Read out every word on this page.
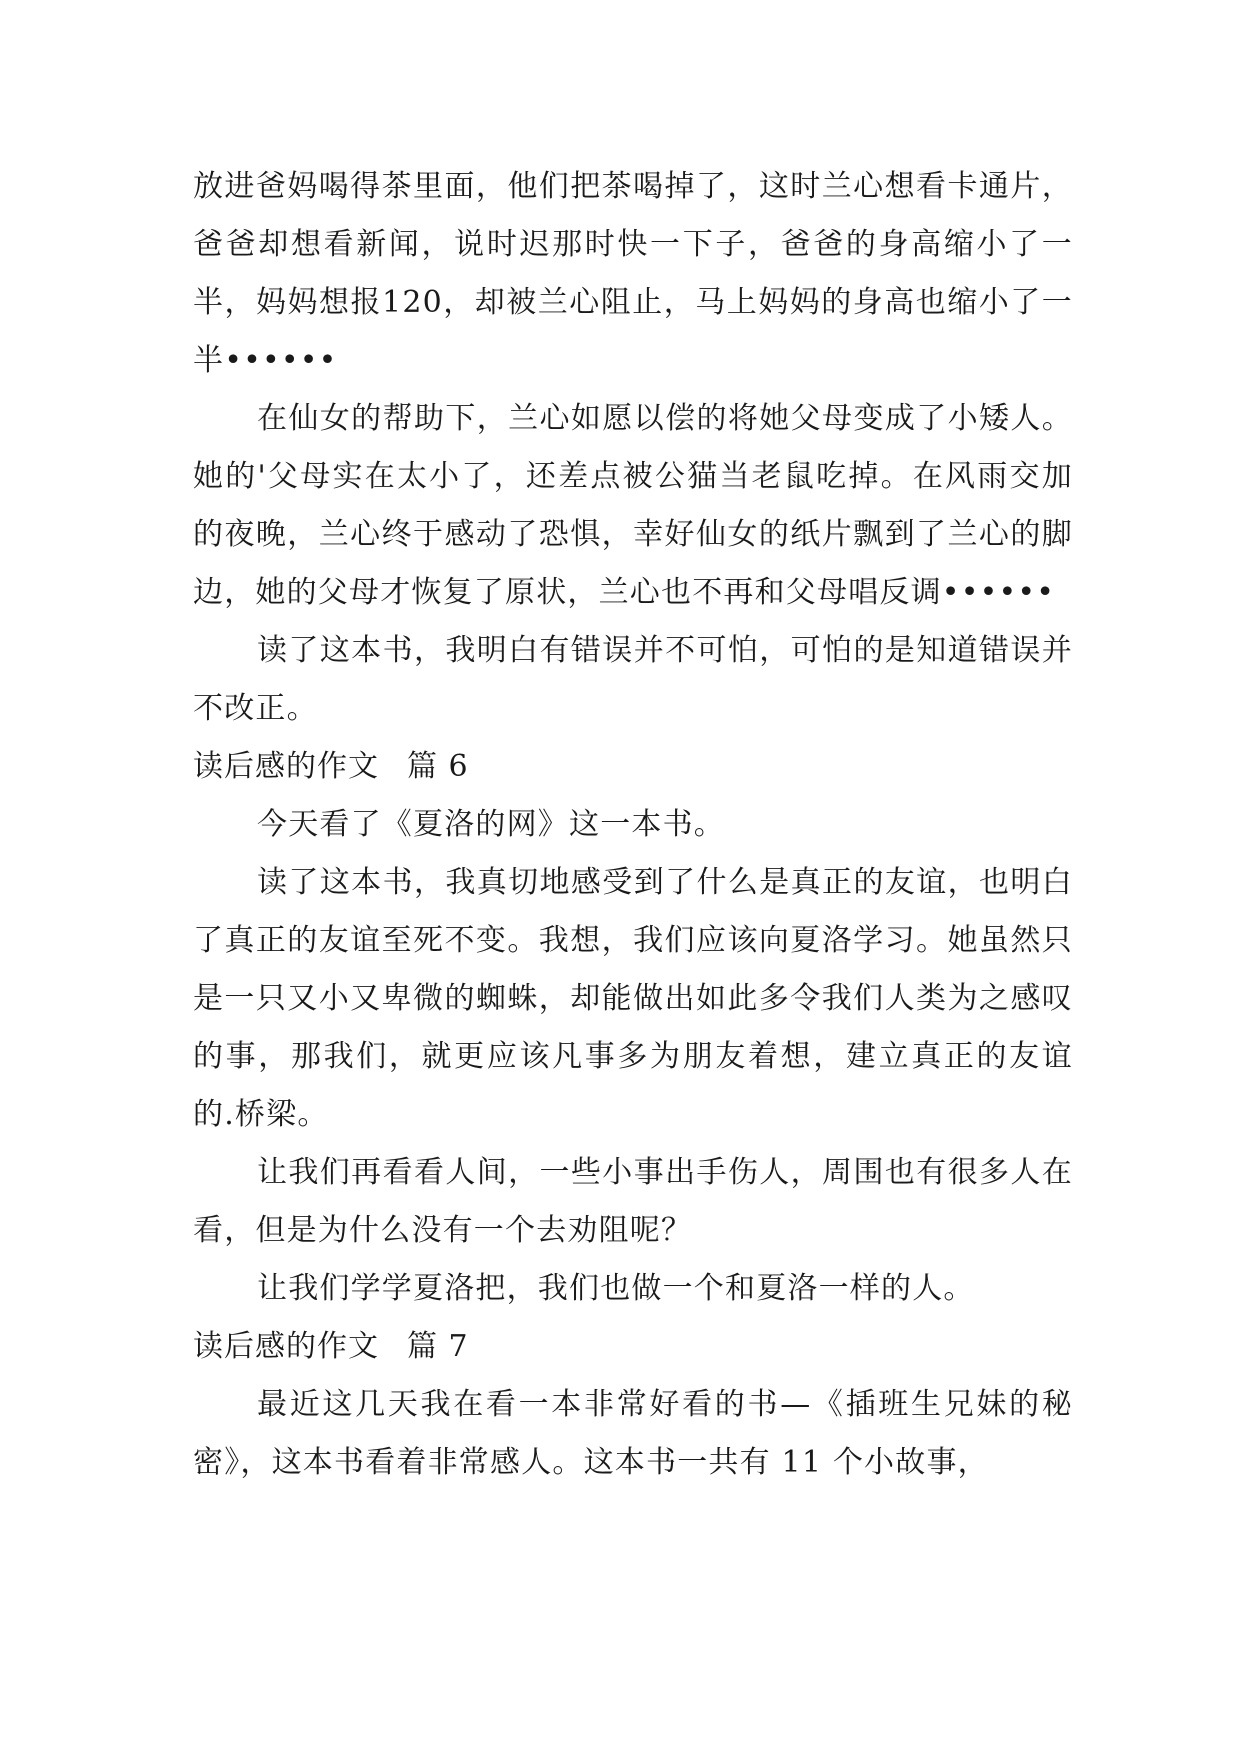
放进爸妈喝得茶里面，他们把茶喝掉了，这时兰心想看卡通片，爸爸却想看新闻，说时迟那时快一下子，爸爸的身高缩小了一半，妈妈想报120，却被兰心阻止，马上妈妈的身高也缩小了一半••••••

在仙女的帮助下，兰心如愿以偿的将她父母变成了小矮人。她的'父母实在太小了，还差点被公猫当老鼠吃掉。在风雨交加的夜晚，兰心终于感动了恐惧，幸好仙女的纸片飘到了兰心的脚边，她的父母才恢复了原状，兰心也不再和父母唱反调••••••

读了这本书，我明白有错误并不可怕，可怕的是知道错误并不改正。

读后感的作文 篇 6

今天看了《夏洛的网》这一本书。

读了这本书，我真切地感受到了什么是真正的友谊，也明白了真正的友谊至死不变。我想，我们应该向夏洛学习。她虽然只是一只又小又卑微的蜘蛛，却能做出如此多令我们人类为之感叹的事，那我们，就更应该凡事多为朋友着想，建立真正的友谊的.桥梁。

让我们再看看人间，一些小事出手伤人，周围也有很多人在看，但是为什么没有一个去劝阻呢？

让我们学学夏洛把，我们也做一个和夏洛一样的人。

读后感的作文 篇 7

最近这几天我在看一本非常好看的书—《插班生兄妹的秘密》，这本书看着非常感人。这本书一共有 11 个小故事，
